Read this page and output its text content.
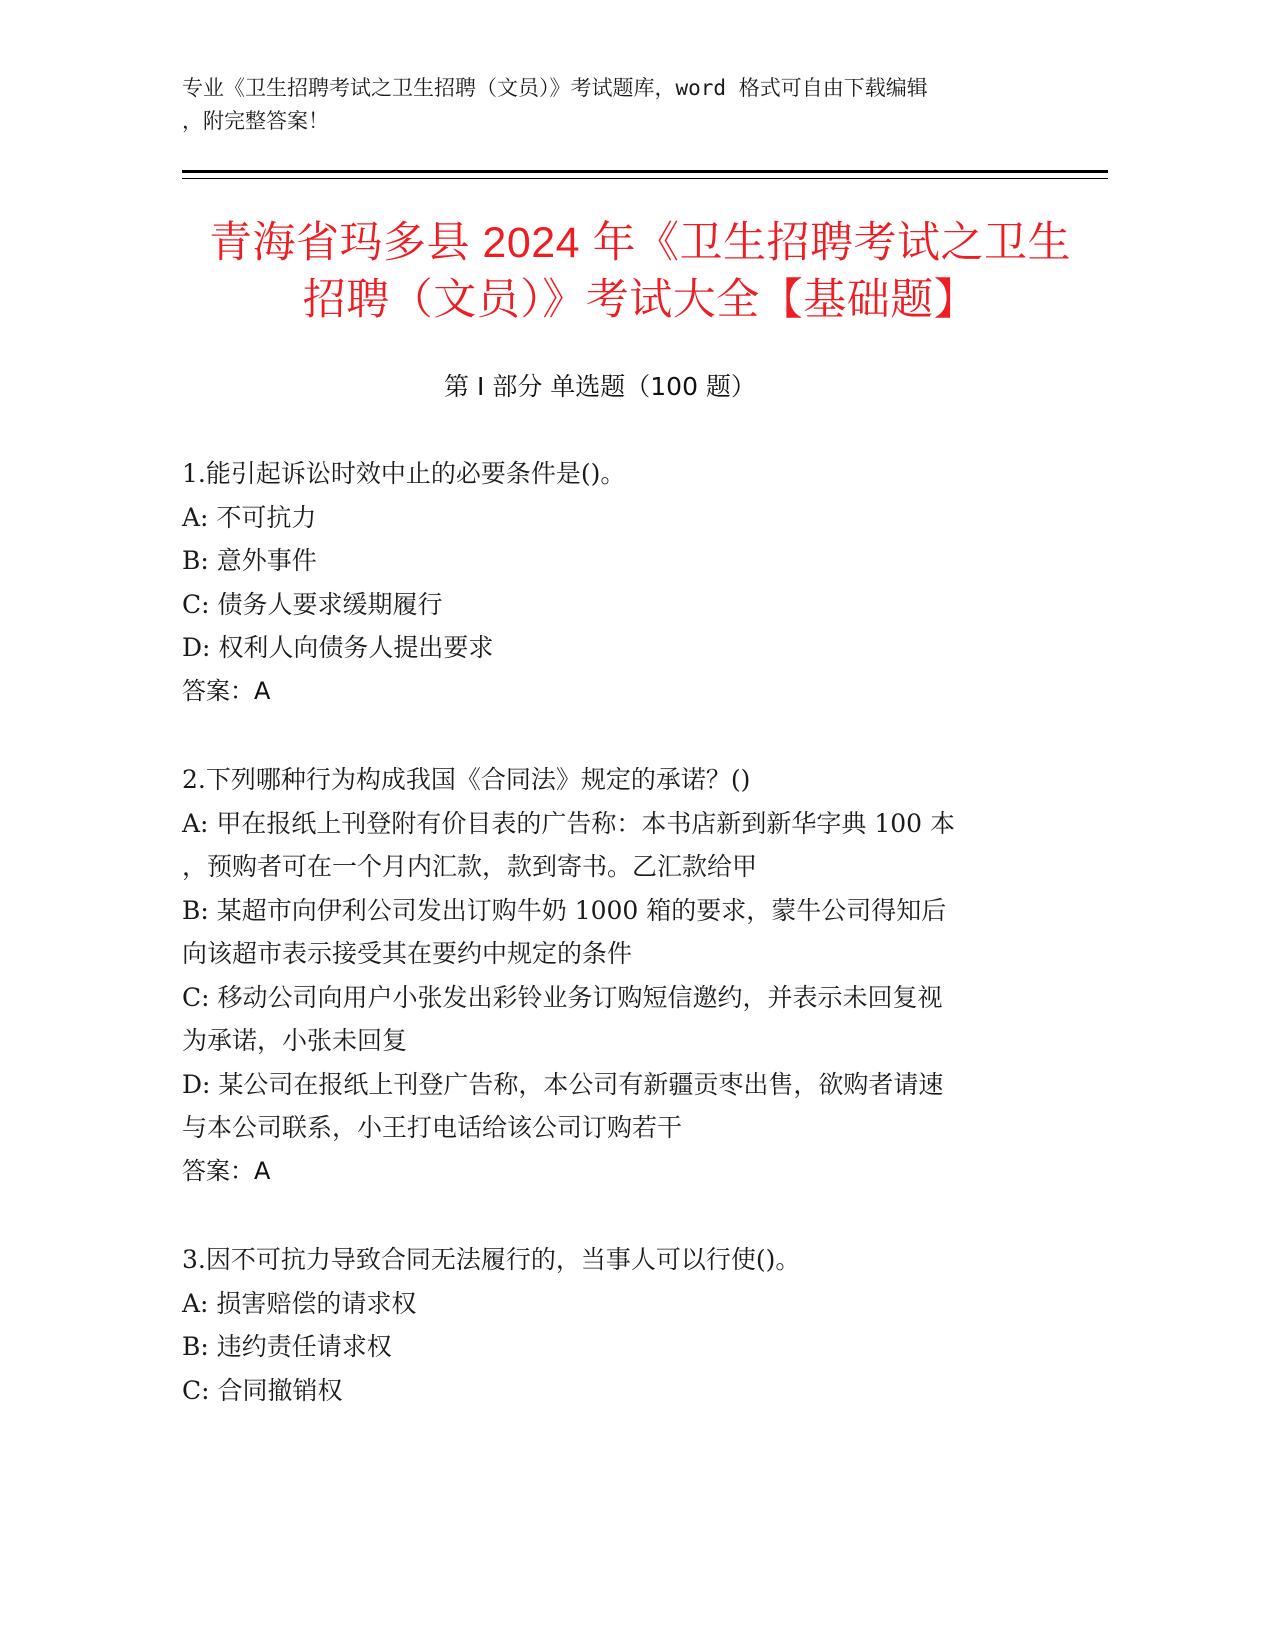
专业《卫生招聘考试之卫生招聘（文员）》考试题库，word 格式可自由下载编辑
，附完整答案！
青海省玛多县 2024 年《卫生招聘考试之卫生
招聘（文员）》考试大全【基础题】
第 I 部分 单选题（100 题）
1.能引起诉讼时效中止的必要条件是()。
A: 不可抗力
B: 意外事件
C: 债务人要求缓期履行
D: 权利人向债务人提出要求
答案：A
2.下列哪种行为构成我国《合同法》规定的承诺？()
A: 甲在报纸上刊登附有价目表的广告称：本书店新到新华字典 100 本
，预购者可在一个月内汇款，款到寄书。乙汇款给甲
B: 某超市向伊利公司发出订购牛奶 1000 箱的要求，蒙牛公司得知后
向该超市表示接受其在要约中规定的条件
C: 移动公司向用户小张发出彩铃业务订购短信邀约，并表示未回复视
为承诺，小张未回复
D: 某公司在报纸上刊登广告称，本公司有新疆贡枣出售，欲购者请速
与本公司联系，小王打电话给该公司订购若干
答案：A
3.因不可抗力导致合同无法履行的，当事人可以行使()。
A: 损害赔偿的请求权
B: 违约责任请求权
C: 合同撤销权
